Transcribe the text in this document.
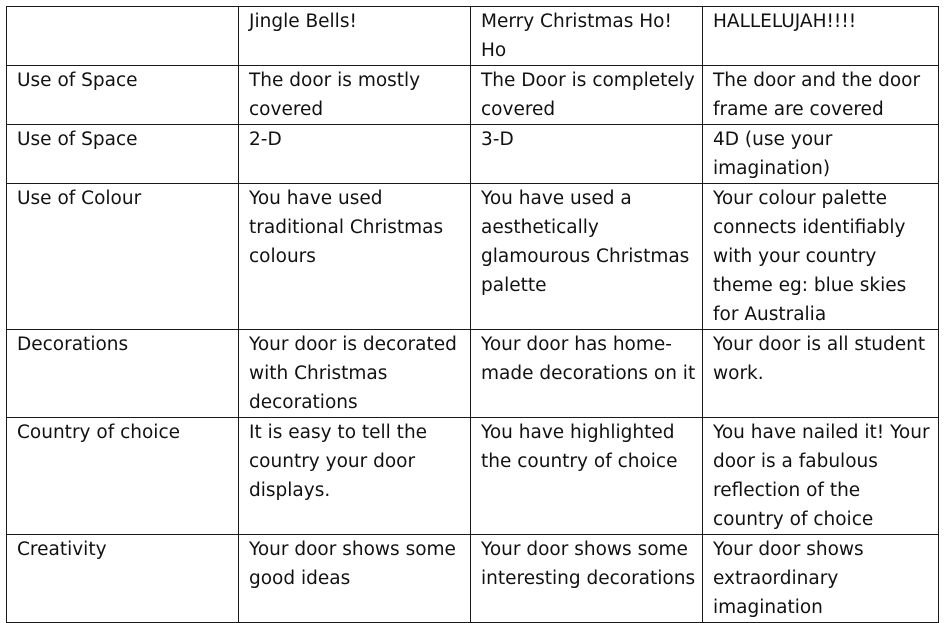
	Jingle Bells!	Merry Christmas Ho! Ho	HALLELUJAH!!!!
Use of Space	The door is mostly covered	The Door is completely covered	The door and the door frame are covered
Use of Space	2-D	3-D	4D (use your imagination)
Use of Colour	You have used traditional Christmas colours	You have used a aesthetically glamourous Christmas palette	Your colour palette connects identifiably with your country theme eg: blue skies for Australia
Decorations	Your door is decorated with Christmas decorations	Your door has home-made decorations on it	Your door is all student work.
Country of choice	It is easy to tell the country your door displays.	You have highlighted the country of choice	You have nailed it! Your door is a fabulous reflection of the country of choice
Creativity	Your door shows some good ideas	Your door shows some interesting decorations	Your door shows extraordinary imagination
